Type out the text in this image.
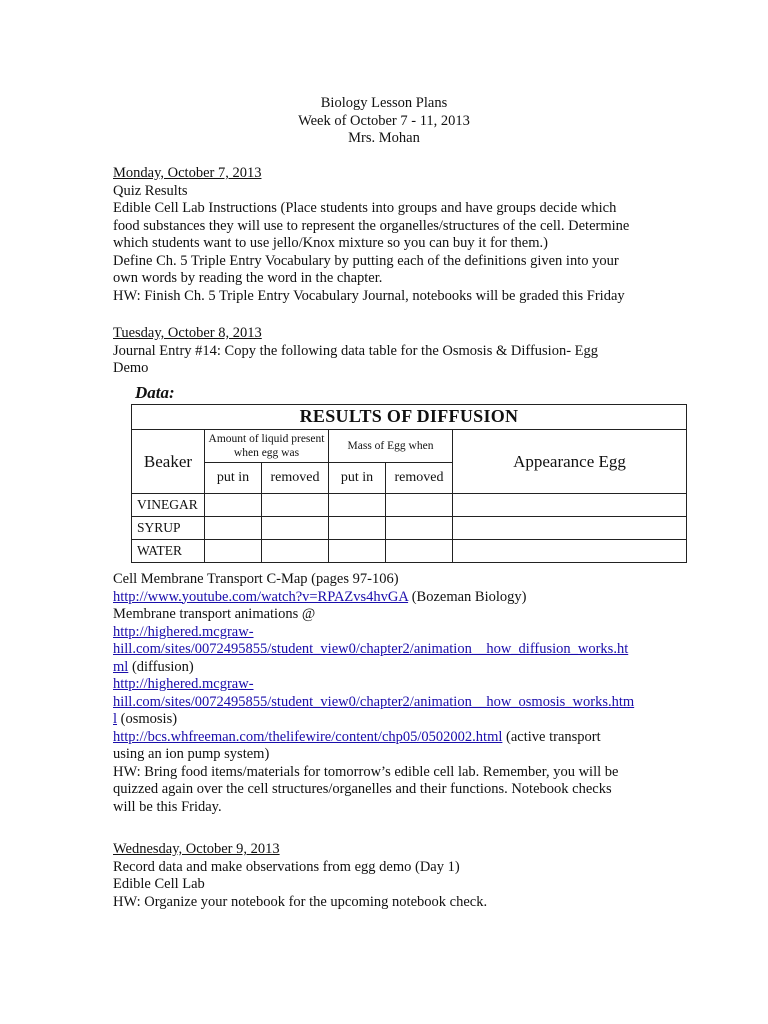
Biology Lesson Plans
Week of October 7 - 11, 2013
Mrs. Mohan
Monday, October 7, 2013
Quiz Results
Edible Cell Lab Instructions (Place students into groups and have groups decide which
food substances they will use to represent the organelles/structures of the cell. Determine
which students want to use jello/Knox mixture so you can buy it for them.)
Define Ch. 5 Triple Entry Vocabulary by putting each of the definitions given into your
own words by reading the word in the chapter.
HW: Finish Ch. 5 Triple Entry Vocabulary Journal, notebooks will be graded this Friday
Tuesday, October 8, 2013
Journal Entry #14: Copy the following data table for the Osmosis & Diffusion- Egg
Demo
Data:
RESULTS OF DIFFUSION					
Beaker	Amount of liquid present when egg was		Mass of Egg when		Appearance Egg
	put in	removed	put in	removed	
VINEGAR					
SYRUP					
WATER					
Cell Membrane Transport C-Map (pages 97-106)
http://www.youtube.com/watch?v=RPAZvs4hvGA (Bozeman Biology)
Membrane transport animations @
http://highered.mcgraw-
hill.com/sites/0072495855/student_view0/chapter2/animation__how_diffusion_works.ht
ml (diffusion)
http://highered.mcgraw-
hill.com/sites/0072495855/student_view0/chapter2/animation__how_osmosis_works.htm
l (osmosis)
http://bcs.whfreeman.com/thelifewire/content/chp05/0502002.html (active transport
using an ion pump system)
HW: Bring food items/materials for tomorrow’s edible cell lab. Remember, you will be
quizzed again over the cell structures/organelles and their functions. Notebook checks
will be this Friday.
Wednesday, October 9, 2013
Record data and make observations from egg demo (Day 1)
Edible Cell Lab
HW: Organize your notebook for the upcoming notebook check.
